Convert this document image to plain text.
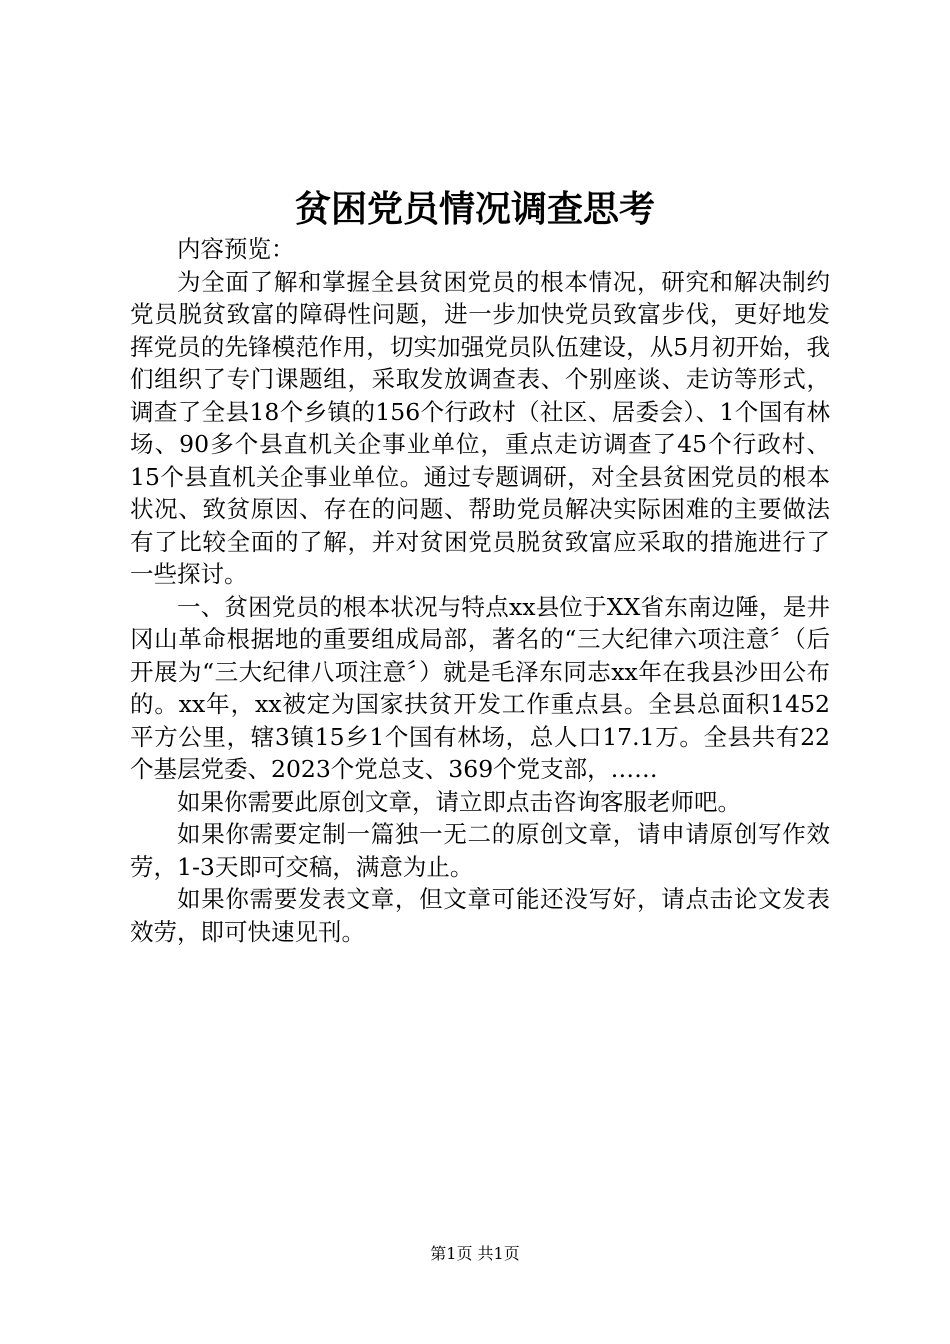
贫困党员情况调查思考

内容预览：

为全面了解和掌握全县贫困党员的根本情况，研究和解决制约党员脱贫致富的障碍性问题，进一步加快党员致富步伐，更好地发挥党员的先锋模范作用，切实加强党员队伍建设，从5月初开始，我们组织了专门课题组，采取发放调查表、个别座谈、走访等形式，调查了全县18个乡镇的156个行政村（社区、居委会）、1个国有林场、90多个县直机关企事业单位，重点走访调查了45个行政村、15个县直机关企事业单位。通过专题调研，对全县贫困党员的根本状况、致贫原因、存在的问题、帮助党员解决实际困难的主要做法有了比较全面的了解，并对贫困党员脱贫致富应采取的措施进行了一些探讨。

一、贫困党员的根本状况与特点xx县位于XX省东南边陲，是井冈山革命根据地的重要组成局部，著名的“三大纪律六项注意〞（后开展为“三大纪律八项注意〞）就是毛泽东同志xx年在我县沙田公布的。xx年，xx被定为国家扶贫开发工作重点县。全县总面积1452平方公里，辖3镇15乡1个国有林场，总人口17.1万。全县共有22个基层党委、2023个党总支、369个党支部，……

如果你需要此原创文章，请立即点击咨询客服老师吧。

如果你需要定制一篇独一无二的原创文章，请申请原创写作效劳，1-3天即可交稿，满意为止。

如果你需要发表文章，但文章可能还没写好，请点击论文发表效劳，即可快速见刊。

第1页 共1页
